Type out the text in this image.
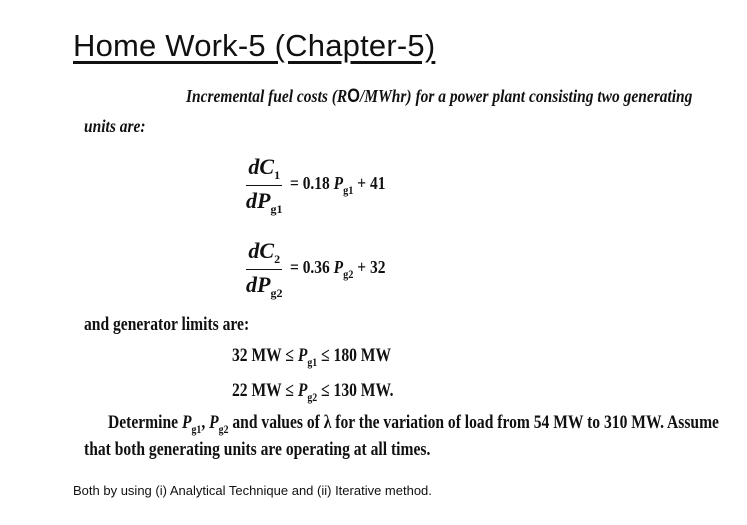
Home Work-5 (Chapter-5)
Incremental fuel costs (RO/MWhr) for a power plant consisting two generating
units are:
$\frac{dC_1}{dP_{g1}} = 0.18$ $P_{g1} + 41$
$\frac{dC_2}{dP_{g2}} = 0.36$ $P_{g2} + 32$
and generator limits are:
32 MW ≤ $P_{g1} \le 180$ MW
22 MW ≤ $P_{g2} \le 130$ MW.
Determine $P_{g1}$, $P_{g2}$ and values of λ for the variation of load from 54 MW to 310 MW. Assume
that both generating units are operating at all times.
Both by using (i) Analytical Technique and (ii) Iterative method.
